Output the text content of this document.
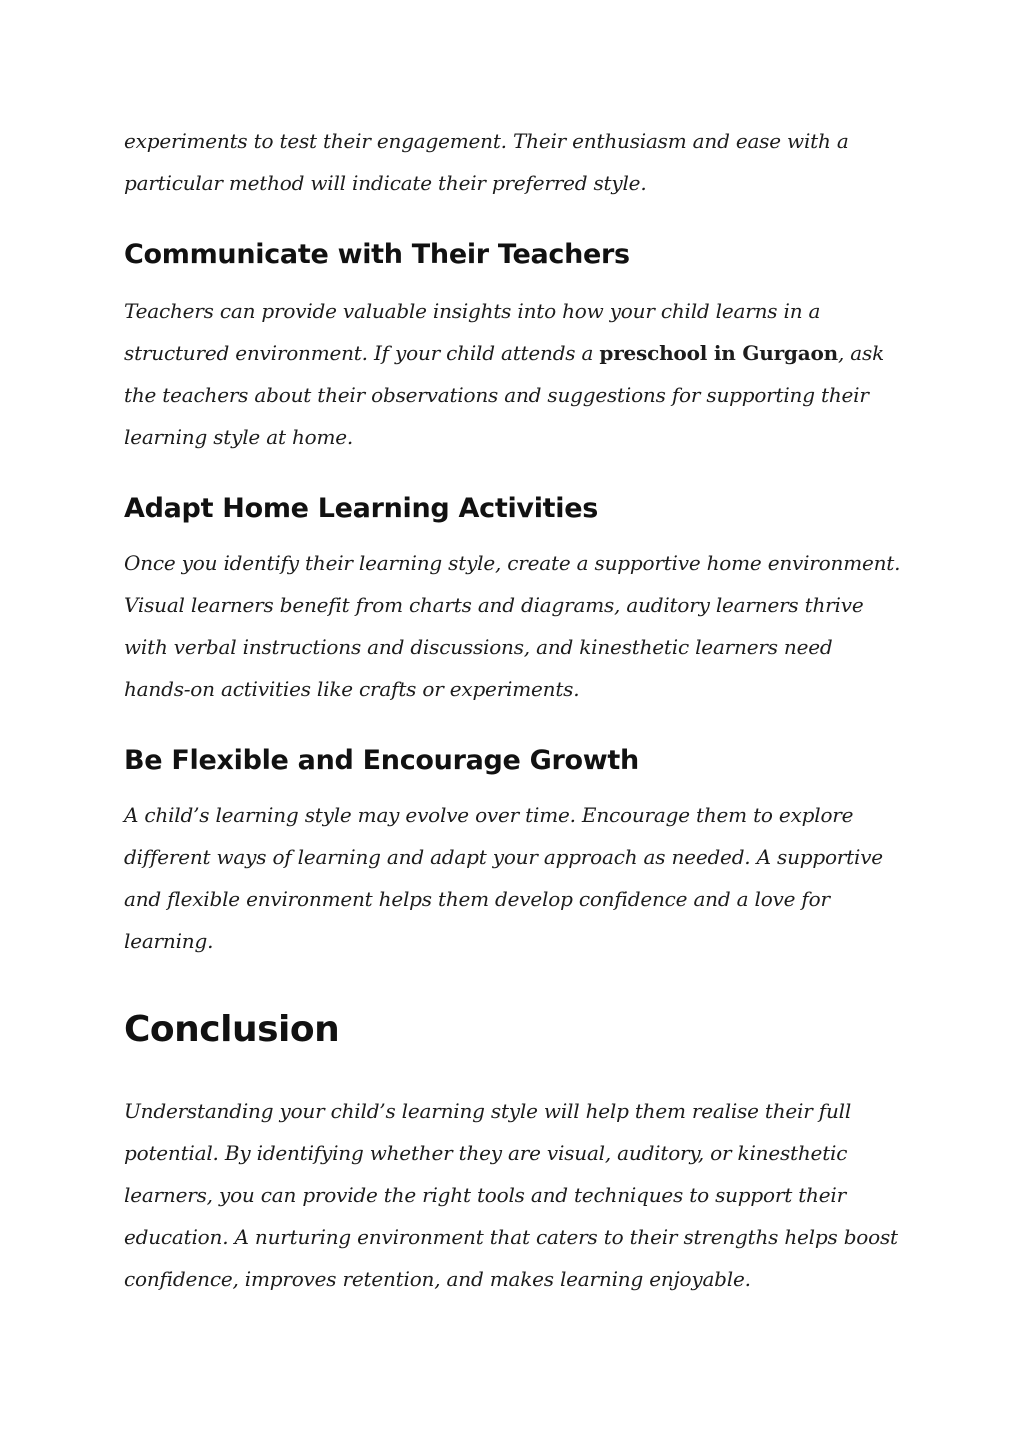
experiments to test their engagement. Their enthusiasm and ease with a particular method will indicate their preferred style.

Communicate with Their Teachers

Teachers can provide valuable insights into how your child learns in a structured environment. If your child attends a preschool in Gurgaon, ask the teachers about their observations and suggestions for supporting their learning style at home.

Adapt Home Learning Activities

Once you identify their learning style, create a supportive home environment. Visual learners benefit from charts and diagrams, auditory learners thrive with verbal instructions and discussions, and kinesthetic learners need hands-on activities like crafts or experiments.

Be Flexible and Encourage Growth

A child’s learning style may evolve over time. Encourage them to explore different ways of learning and adapt your approach as needed. A supportive and flexible environment helps them develop confidence and a love for learning.

Conclusion

Understanding your child’s learning style will help them realise their full potential. By identifying whether they are visual, auditory, or kinesthetic learners, you can provide the right tools and techniques to support their education. A nurturing environment that caters to their strengths helps boost confidence, improves retention, and makes learning enjoyable.
